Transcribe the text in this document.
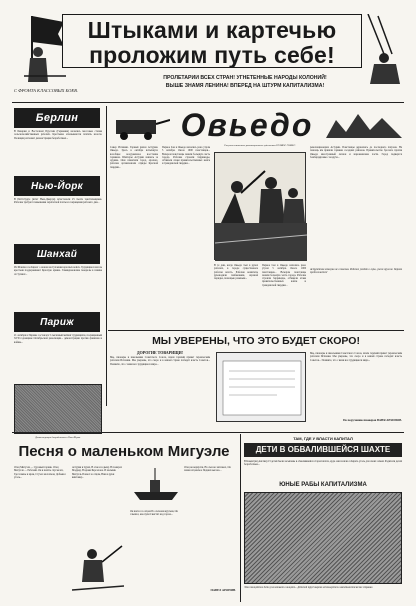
С ФРОНТА КЛАССОВЫХ БОЕВ.
Штыками и картечью
проложим путь себе!
ПРОЛЕТАРИИ ВСЕХ СТРАН! УГНЕТЕННЫЕ НАРОДЫ КОЛОНИЙ!
ВЫШЕ ЗНАМЯ ЛЕНИНА! ВПЕРЕД НА ШТУРМ КАПИТАЛИЗМА!
Берлин
В Баварии и Восточной Пруссии (Германия) начались массовые стачки сельскохозяйственных рабочих. Крестьяне отказываются платить налоги. Полиция разгоняет демонстрации безработных...
Нью-Йорк
В Питтсбурге (штат Нью-Джерси) забастовали 25 тысяч текстильщиков. Рабочие требуют повышения заработной платы и сокращения рабочего дня...
Шанхай
Из Шанхая сообщают о новом наступлении красных войск. Трудящиеся массы крестьян поддерживают Красную армию. Гоминдановские генералы в панике отступают...
Париж
21 октября в Париже состоялся 5-тысячный митинг трудящихся, посвященный XVII годовщине Октябрьской революции... демонстрации против фашизма и войны...
Овьедо
Север Испании. Горный район Астурии. Овьедо. Здесь в октябре вспыхнуло всеобщее вооруженное восстание горняков. Шахтеры Астурии взялись за оружие. Они захватили город, арсенал, рабочие организовали отряды Красной гвардии...
Первое бои в Овьедо начались рано утром 5 октября. Около 1000 повстанцев... Вечером повстанцы заняли большую часть города. Рабочие строили баррикады, отбивали атаки правительственных войск и гражданской гвардии...
Рисунок испанского революционного художника ГЕЛИОС ГОМЕС.
В те дни, когда Овьедо был в руках рабочих, в городе существовала рабочая власть. Рабочие комитеты руководили снабжением, охраной порядка, помощью раненым...
Первое бои в Овьедо начались рано утром 5 октября. Около 1000 повстанцев... Вечером повстанцы заняли большую часть города. Рабочие строили баррикады, отбивали атаки правительственных войск и гражданской гвардии...
революционерам Астурии. Повстанцы держались до последнего патрона. На помощь им пришли горняки соседних районов. Правительство бросило против Овьедо иностранный легион и марокканские части. Город подвергся бомбардировке с воздуха...
Астурийская коммуна не сломлена. Рабочие уходят в горы, унося оружие. Борьба продолжается!
Демонстрация безработных в Нью-Йорке.
МЫ УВЕРЕНЫ, ЧТО ЭТО БУДЕТ СКОРО!
ДОРОГИЕ ТОВАРИЩИ!
Мы, пионеры и школьники Советского Союза, шлем горячий привет героическим рабочим Испании. Мы уверены, что скоро и в вашей стране победит власть Советов... Помните, что с вами все трудящиеся мира...
Мы, пионеры и школьники Советского Союза, шлем горячий привет героическим рабочим Испании. Мы уверены, что скоро и в вашей стране победит власть Советов... Помните, что с вами все трудящиеся мира...
По поручению пионеров ВАНЯ АРХИПОВ.
Песня о маленьком Мигуэле
Отец Мигуэля — Суровый горняк. Отец Мигуэля — Рабочий. Он в шахты спускался, Где темень и мрак, Стучал молотком, Добывал уголь...
Астурия в бурях, В огне и в дыму. В пожарах Мадрид, В крови Барселона. И мальчик Мигуэль Пошел за отцом, Взяв в руки винтовку...
Он шагал за отцом По склонам крутым, Он слышал, как пули Свистят над горою...
Отец не вернулся, Но сын не заплакал, Он знамя отцовское Поднял высоко...
ПАВЕЛ АРОНИН.
ТАМ, ГДЕ У ВЛАСТИ КАПИТАЛ
ДЕТИ В ОБВАЛИВШЕЙСЯ ШАХТЕ
В Ковентри (Англия) 13 детей были засыпаны в обвалившейся старой шахте, куда они пошли собирать уголь для своих семей. Родители детей безработные...
ЮНЫЕ РАБЫ КАПИТАЛИЗМА
Эти полицейские дети угля копают в нищете... Детский труд широко используется в капиталистических странах.
